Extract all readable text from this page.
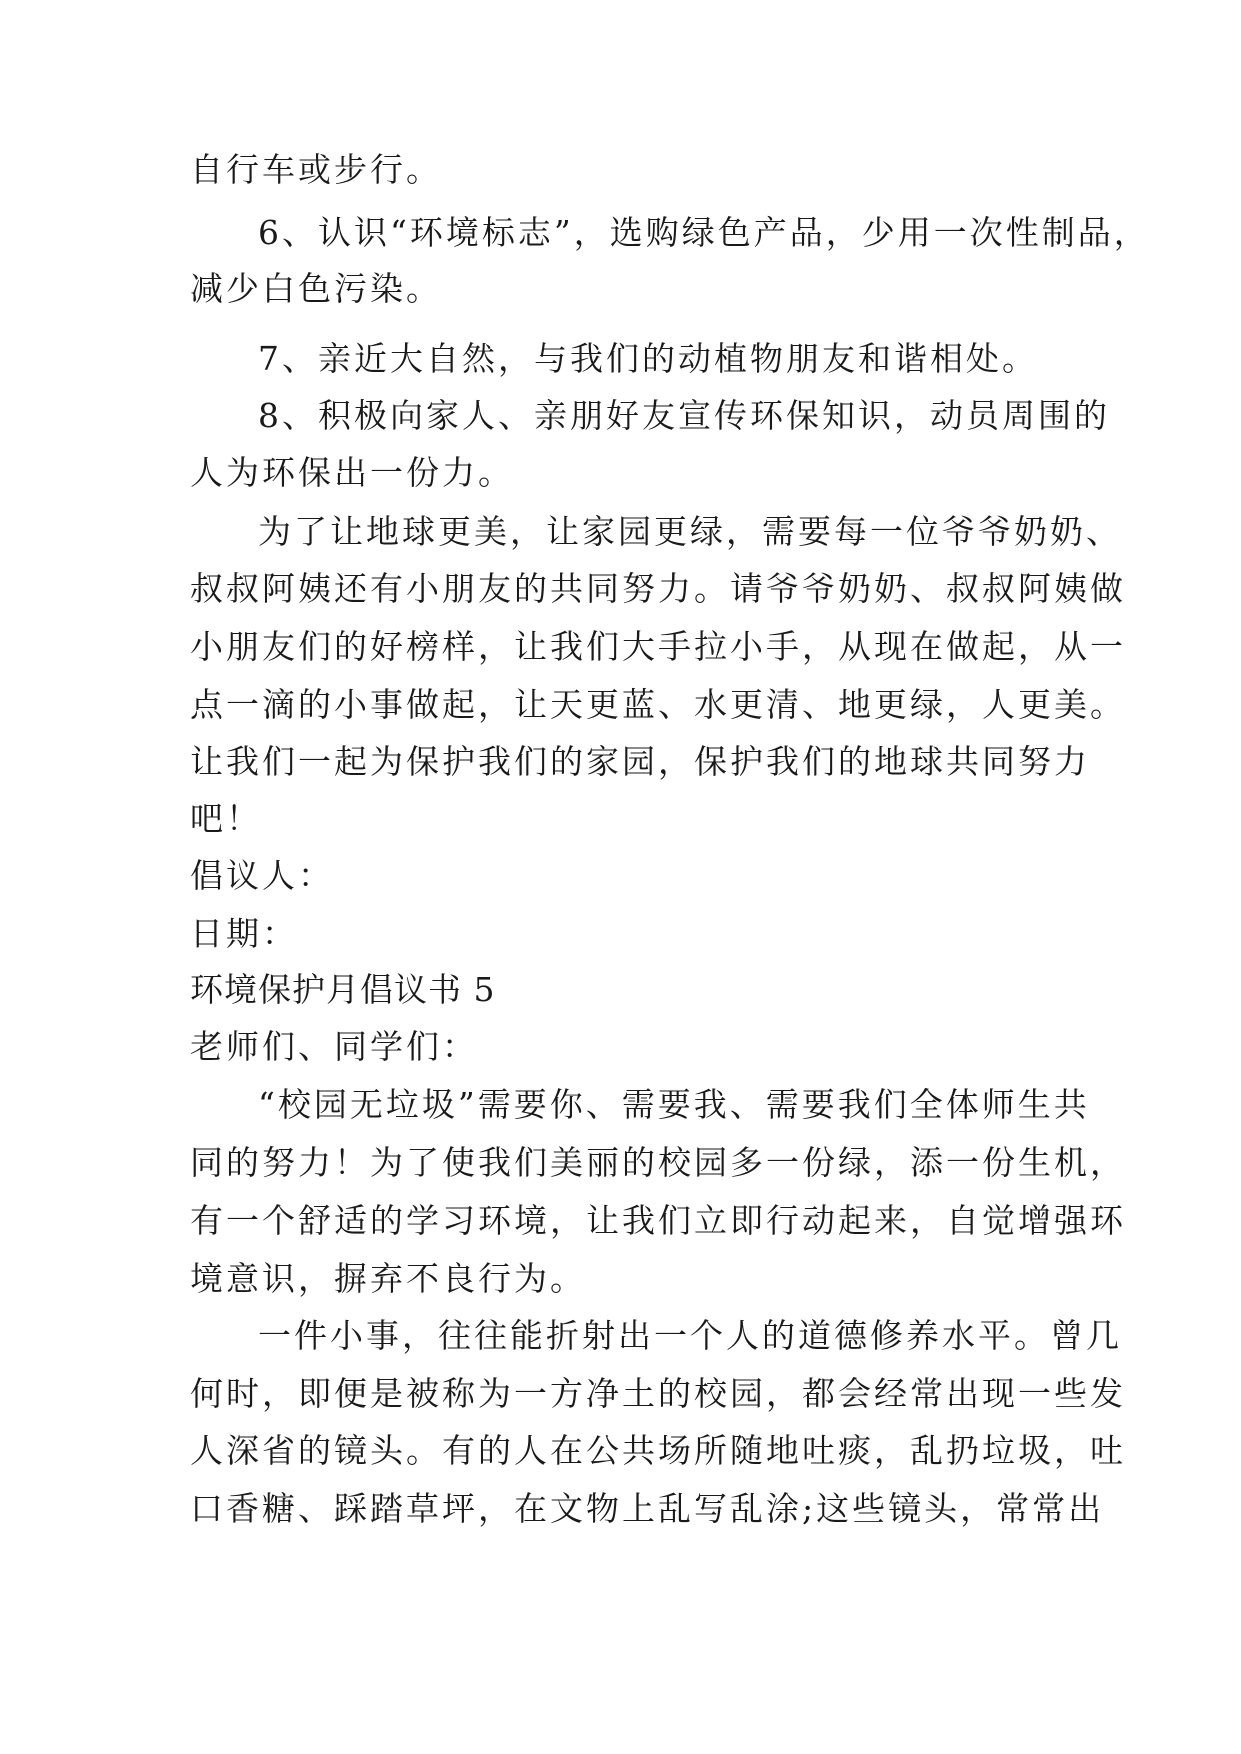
自行车或步行。
6、认识“环境标志”，选购绿色产品，少用一次性制品，
减少白色污染。
7、亲近大自然，与我们的动植物朋友和谐相处。
8、积极向家人、亲朋好友宣传环保知识，动员周围的
人为环保出一份力。
为了让地球更美，让家园更绿，需要每一位爷爷奶奶、
叔叔阿姨还有小朋友的共同努力。请爷爷奶奶、叔叔阿姨做
小朋友们的好榜样，让我们大手拉小手，从现在做起，从一
点一滴的小事做起，让天更蓝、水更清、地更绿，人更美。
让我们一起为保护我们的家园，保护我们的地球共同努力
吧！
倡议人：
日期：
环境保护月倡议书 5
老师们、同学们：
“校园无垃圾”需要你、需要我、需要我们全体师生共
同的努力！为了使我们美丽的校园多一份绿，添一份生机，
有一个舒适的学习环境，让我们立即行动起来，自觉增强环
境意识，摒弃不良行为。
一件小事，往往能折射出一个人的道德修养水平。曾几
何时，即便是被称为一方净土的校园，都会经常出现一些发
人深省的镜头。有的人在公共场所随地吐痰，乱扔垃圾，吐
口香糖、踩踏草坪，在文物上乱写乱涂;这些镜头，常常出
